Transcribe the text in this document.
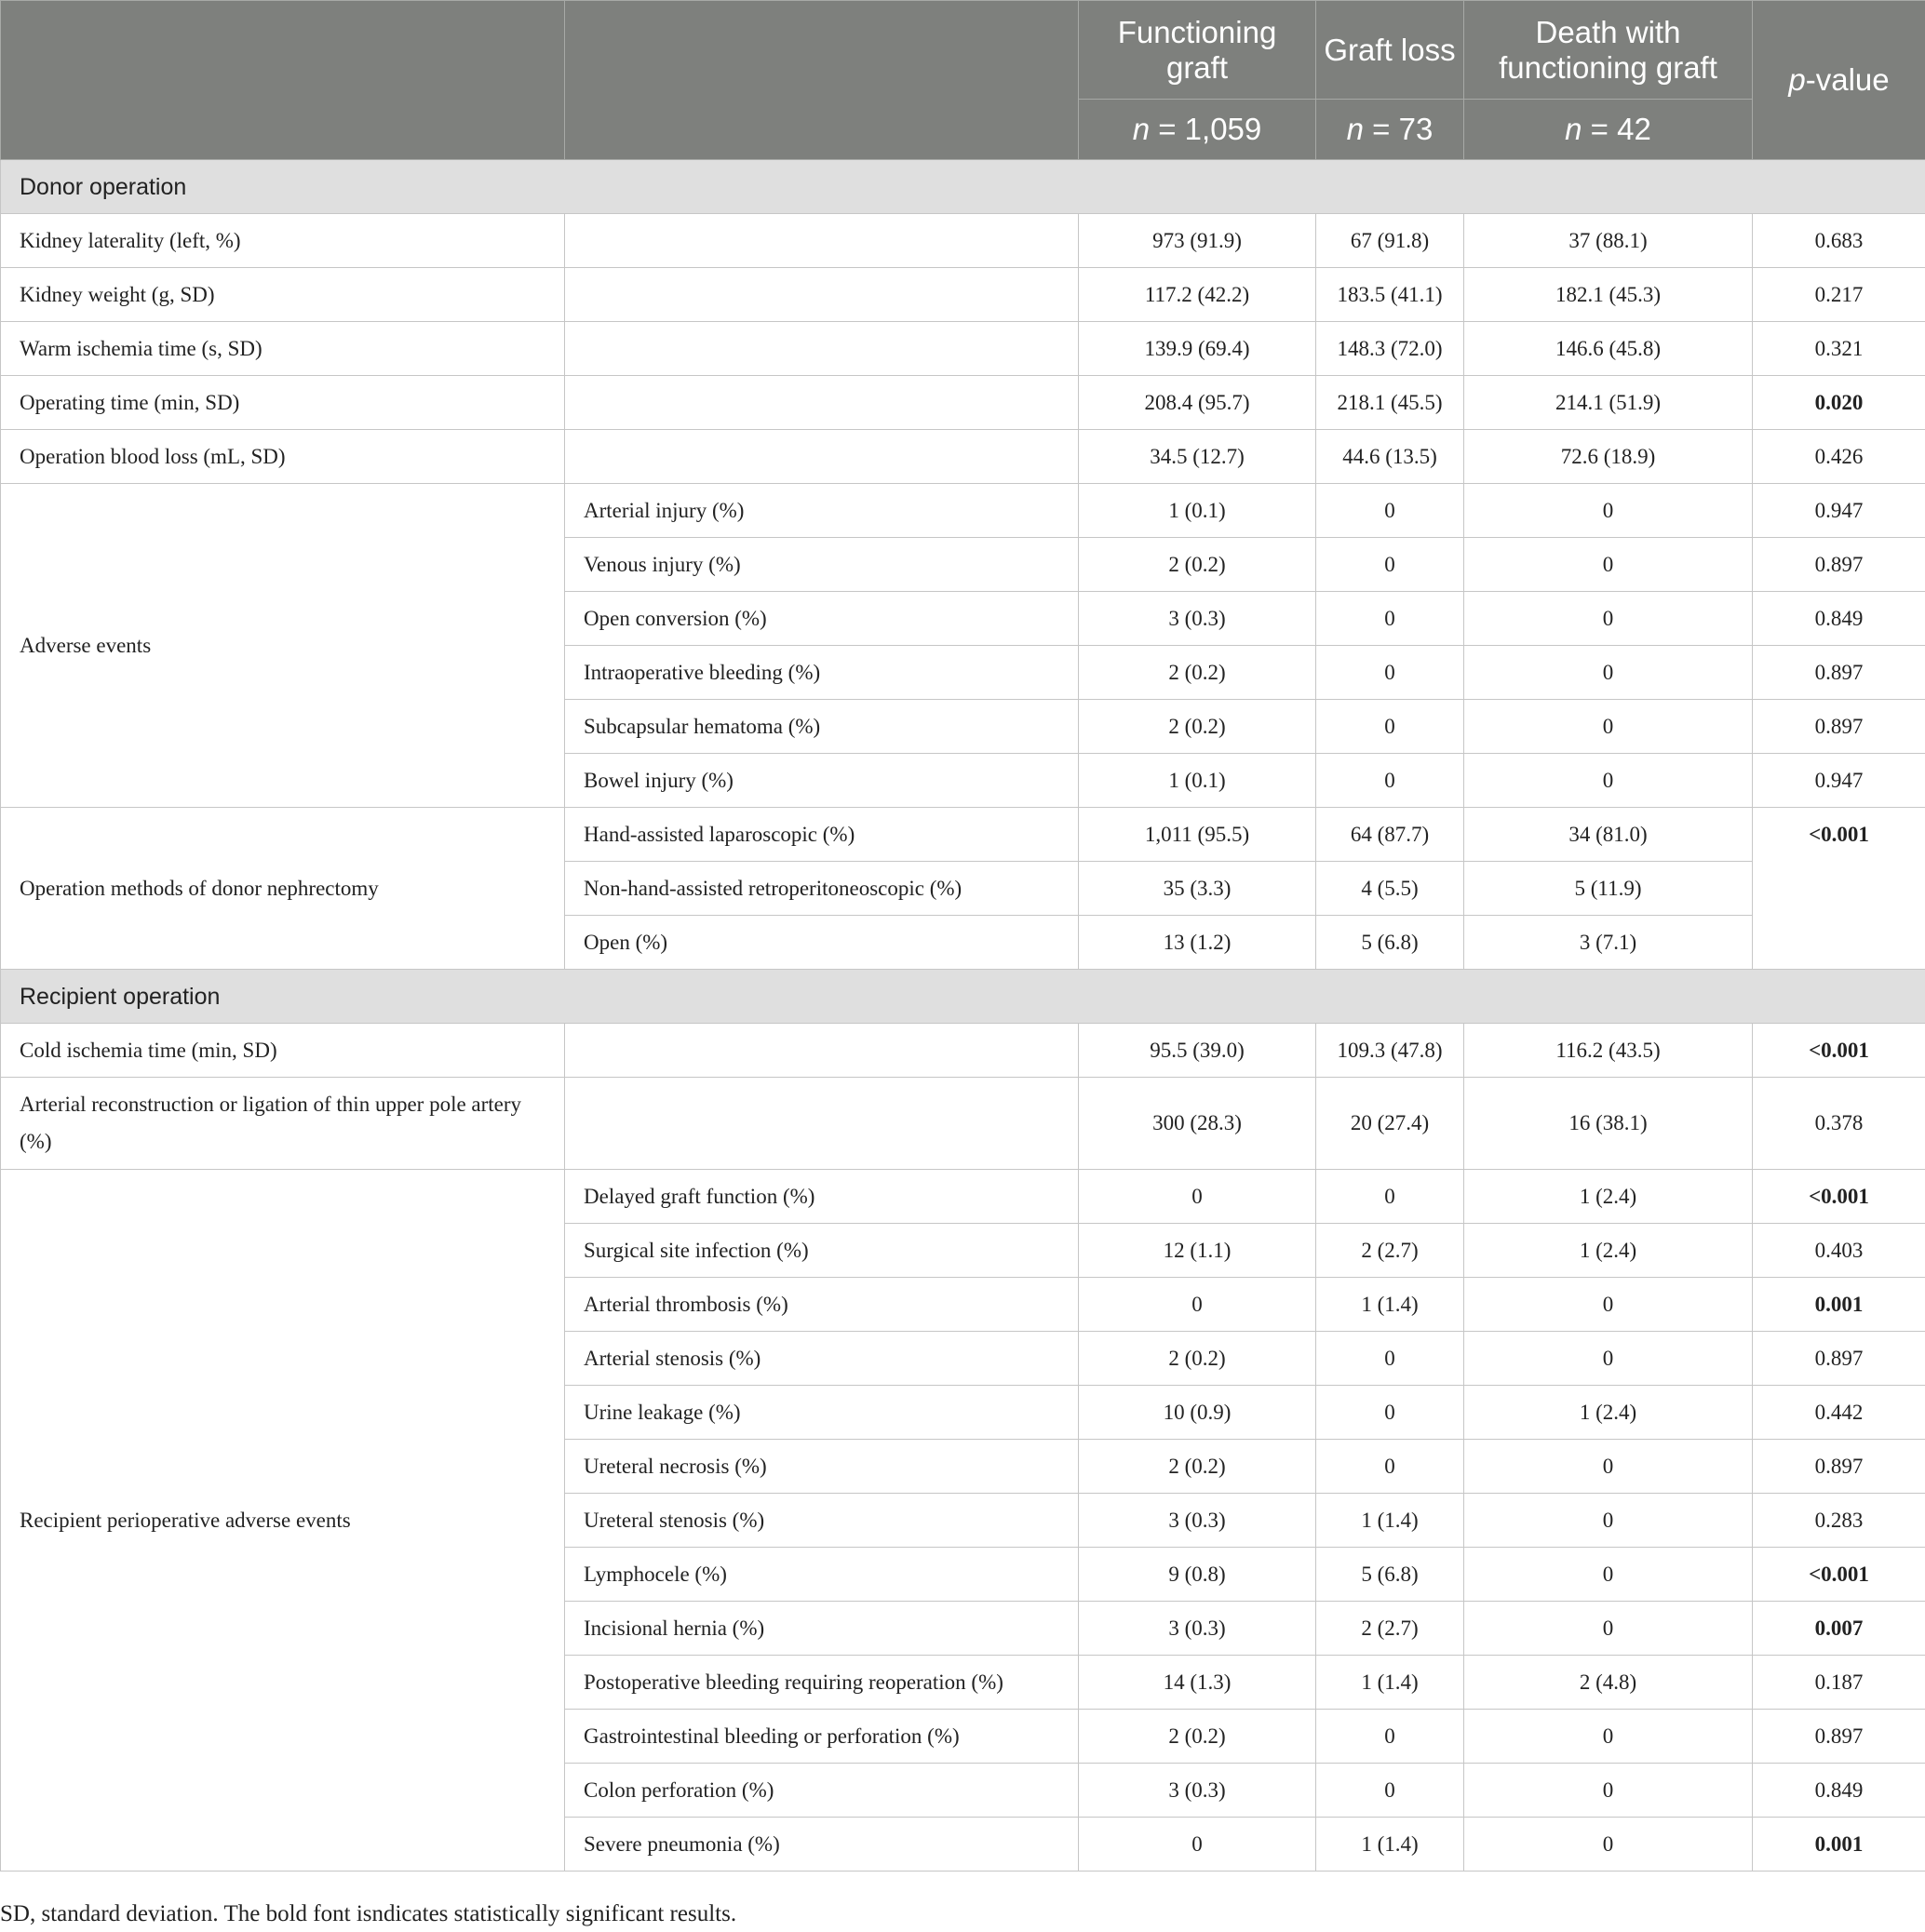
		Functioning graft	Graft loss	Death with functioning graft	p-value
		n = 1,059	n = 73	n = 42	
Donor operation					
Kidney laterality (left, %)		973 (91.9)	67 (91.8)	37 (88.1)	0.683
Kidney weight (g, SD)		117.2 (42.2)	183.5 (41.1)	182.1 (45.3)	0.217
Warm ischemia time (s, SD)		139.9 (69.4)	148.3 (72.0)	146.6 (45.8)	0.321
Operating time (min, SD)		208.4 (95.7)	218.1 (45.5)	214.1 (51.9)	0.020
Operation blood loss (mL, SD)		34.5 (12.7)	44.6 (13.5)	72.6 (18.9)	0.426
Adverse events	Arterial injury (%)	1 (0.1)	0	0	0.947
	Venous injury (%)	2 (0.2)	0	0	0.897
	Open conversion (%)	3 (0.3)	0	0	0.849
	Intraoperative bleeding (%)	2 (0.2)	0	0	0.897
	Subcapsular hematoma (%)	2 (0.2)	0	0	0.897
	Bowel injury (%)	1 (0.1)	0	0	0.947
Operation methods of donor nephrectomy	Hand-assisted laparoscopic (%)	1,011 (95.5)	64 (87.7)	34 (81.0)	<0.001
	Non-hand-assisted retroperitoneoscopic (%)	35 (3.3)	4 (5.5)	5 (11.9)	
	Open (%)	13 (1.2)	5 (6.8)	3 (7.1)	
Recipient operation					
Cold ischemia time (min, SD)		95.5 (39.0)	109.3 (47.8)	116.2 (43.5)	<0.001
Arterial reconstruction or ligation of thin upper pole artery (%)		300 (28.3)	20 (27.4)	16 (38.1)	0.378
Recipient perioperative adverse events	Delayed graft function (%)	0	0	1 (2.4)	<0.001
	Surgical site infection (%)	12 (1.1)	2 (2.7)	1 (2.4)	0.403
	Arterial thrombosis (%)	0	1 (1.4)	0	0.001
	Arterial stenosis (%)	2 (0.2)	0	0	0.897
	Urine leakage (%)	10 (0.9)	0	1 (2.4)	0.442
	Ureteral necrosis (%)	2 (0.2)	0	0	0.897
	Ureteral stenosis (%)	3 (0.3)	1 (1.4)	0	0.283
	Lymphocele (%)	9 (0.8)	5 (6.8)	0	<0.001
	Incisional hernia (%)	3 (0.3)	2 (2.7)	0	0.007
	Postoperative bleeding requiring reoperation (%)	14 (1.3)	1 (1.4)	2 (4.8)	0.187
	Gastrointestinal bleeding or perforation (%)	2 (0.2)	0	0	0.897
	Colon perforation (%)	3 (0.3)	0	0	0.849
	Severe pneumonia (%)	0	1 (1.4)	0	0.001
SD, standard deviation. The bold font isndicates statistically significant results.
